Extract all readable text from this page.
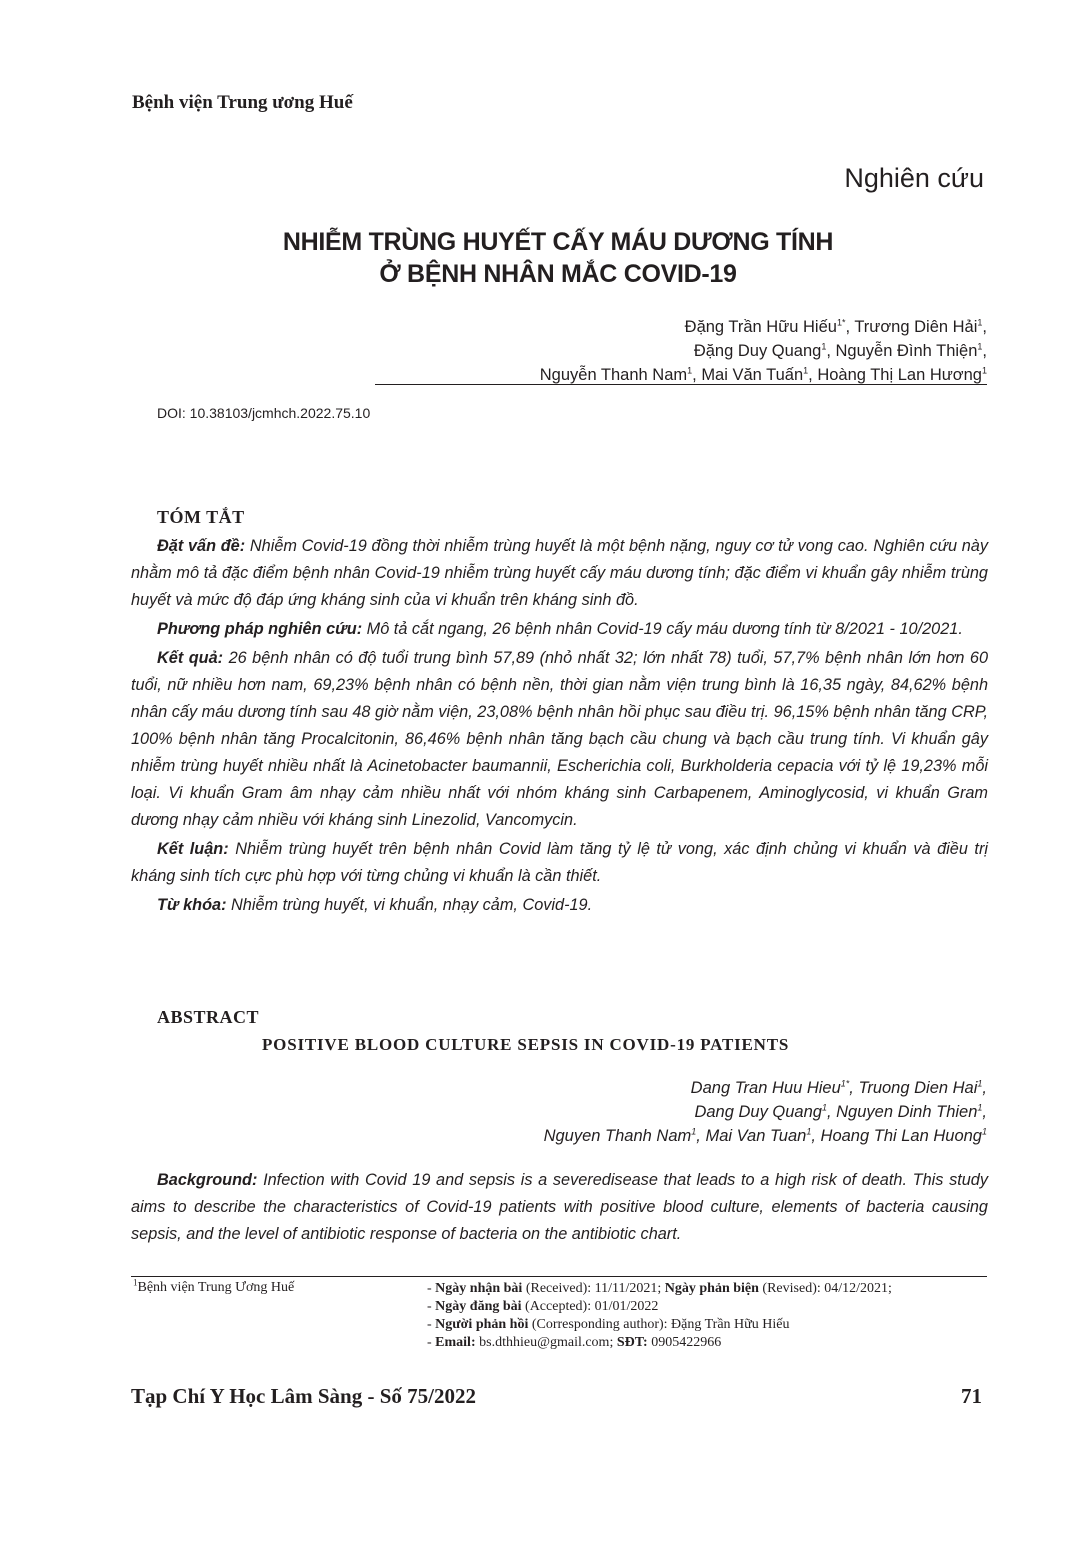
Bệnh viện Trung ương Huế
Nghiên cứu
NHIỄM TRÙNG HUYẾT CẤY MÁU DƯƠNG TÍNH
Ở BỆNH NHÂN MẮC COVID-19
Đặng Trần Hữu Hiếu$^{1*}$, Trương Diên Hải$^1$,
Đặng Duy Quang$^1$, Nguyễn Đình Thiện$^1$,
Nguyễn Thanh Nam$^1$, Mai Văn Tuấn$^1$, Hoàng Thị Lan Hương$^1$
DOI: 10.38103/jcmhch.2022.75.10
TÓM TẮT

Đặt vấn đề: Nhiễm Covid-19 đồng thời nhiễm trùng huyết là một bệnh nặng, nguy cơ tử vong cao. Nghiên cứu này nhằm mô tả đặc điểm bệnh nhân Covid-19 nhiễm trùng huyết cấy máu dương tính; đặc điểm vi khuẩn gây nhiễm trùng huyết và mức độ đáp ứng kháng sinh của vi khuẩn trên kháng sinh đồ.

Phương pháp nghiên cứu: Mô tả cắt ngang, 26 bệnh nhân Covid-19 cấy máu dương tính từ 8/2021 - 10/2021.

Kết quả: 26 bệnh nhân có độ tuổi trung bình 57,89 (nhỏ nhất 32; lớn nhất 78) tuổi, 57,7% bệnh nhân lớn hơn 60 tuổi, nữ nhiều hơn nam, 69,23% bệnh nhân có bệnh nền, thời gian nằm viện trung bình là 16,35 ngày, 84,62% bệnh nhân cấy máu dương tính sau 48 giờ nằm viện, 23,08% bệnh nhân hồi phục sau điều trị. 96,15% bệnh nhân tăng CRP, 100% bệnh nhân tăng Procalcitonin, 86,46% bệnh nhân tăng bạch cầu chung và bạch cầu trung tính. Vi khuẩn gây nhiễm trùng huyết nhiều nhất là Acinetobacter baumannii, Escherichia coli, Burkholderia cepacia với tỷ lệ 19,23% mỗi loại. Vi khuẩn Gram âm nhạy cảm nhiều nhất với nhóm kháng sinh Carbapenem, Aminoglycosid, vi khuẩn Gram dương nhạy cảm nhiều với kháng sinh Linezolid, Vancomycin.

Kết luận: Nhiễm trùng huyết trên bệnh nhân Covid làm tăng tỷ lệ tử vong, xác định chủng vi khuẩn và điều trị kháng sinh tích cực phù hợp với từng chủng vi khuẩn là cần thiết.

Từ khóa: Nhiễm trùng huyết, vi khuẩn, nhạy cảm, Covid-19.

ABSTRACT
POSITIVE BLOOD CULTURE SEPSIS IN COVID-19 PATIENTS
Dang Tran Huu Hieu$^{1*}$, Truong Dien Hai$^1$,
Dang Duy Quang$^1$, Nguyen Dinh Thien$^1$,
Nguyen Thanh Nam$^1$, Mai Van Tuan$^1$, Hoang Thi Lan Huong$^1$

Background: Infection with Covid 19 and sepsis is a severedisease that leads to a high risk of death. This study aims to describe the characteristics of Covid-19 patients with positive blood culture, elements of bacteria causing sepsis, and the level of antibiotic response of bacteria on the antibiotic chart.

$^1$Bệnh viện Trung Ương Huế	- Ngày nhận bài (Received): 11/11/2021; Ngày phản biện (Revised): 04/12/2021;
- Ngày đăng bài (Accepted): 01/01/2022
- Người phản hồi (Corresponding author): Đặng Trần Hữu Hiếu
- Email: bs.dthhieu@gmail.com; SĐT: 0905422966
Tạp Chí Y Học Lâm Sàng - Số 75/2022	71
